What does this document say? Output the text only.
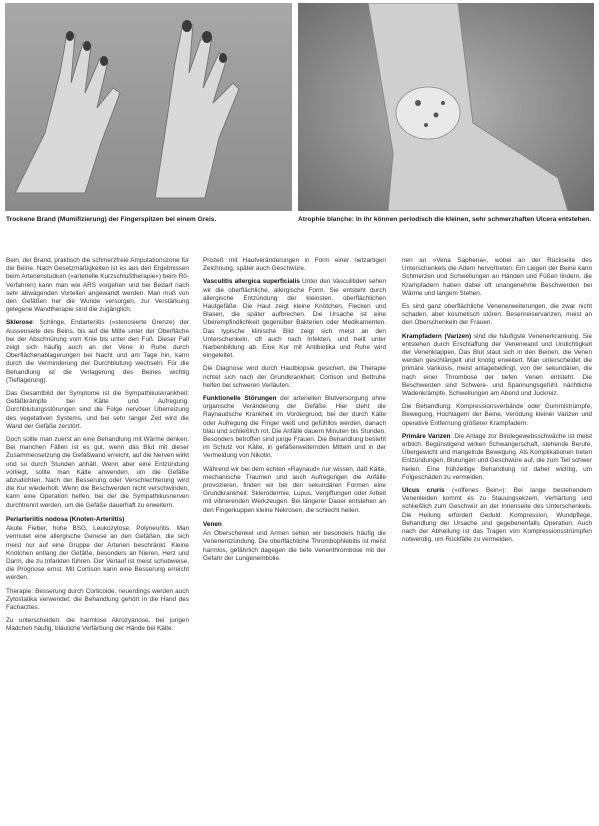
Trockene Brand (Mumifizierung) der Fingerspitzen bei einem Greis.	Atrophie blanche: In ihr können periodisch die kleinen, sehr schmerzhaften Ulcera entstehen.

Bein, der Brand, praktisch die schmerzfreie Amputationszone für die Beine. Nach Gesetzmäßigkeiten ist es aus den Ergebnissen beim Arterienstudium (»arterielle Kurzschlußtherapie«) beim Rö-Verfahren) kann man wie ARS vorgehen und bei Bedarf nach sehr abwägenden Vorteilen angewandt werden. Man muß von den Gefäßen her die Wunde versorgen, zur Verstärkung gelegene Wandtherapie sind die zugänglich.

Sklerose: Schlinge, Endarteriitis (»stenosierte Grenze) der Aussenseite des Beins, bis auf die Mitte unter der Oberfläche bei der Abschnürung vom Knie bis unter den Fuß. Dieser Fall zeigt sich häufig auch an der Vene in Ruhe durch Oberflächenablagerungen bei Nacht und am Tage hin, kann durch die Verminderung der Durchblutung wechseln. Für die Behandlung ist die Verlagerung des Beines wichtig (Tieflagerung).

Das Gesamtbild der Symptome ist die Sympathikuskrankheit: Gefäßkrämpfe bei Kälte und Aufregung. Durchblutungsstörungen sind die Folge nervöser Überreizung des vegetativen Systems, und bei sehr langer Zeit wird die Wand der Gefäße zerstört.

Doch sollte man zuerst an eine Behandlung mit Wärme denken. Bei manchen Fällen ist es gut, wenn das Blut mit dieser Zusammensetzung die Gefäßwand erreicht, auf die Nerven wirkt und so durch Stunden anhält. Wenn aber eine Entzündung vorliegt, sollte man Kälte anwenden, um die Gefäße abzudichten. Nach der Besserung oder Verschlechterung wird die Kur wiederholt. Wenn die Beschwerden nicht verschwinden, kann eine Operation helfen, bei der die Sympathikusnerven durchtrennt werden, um die Gefäße dauerhaft zu erweitern.

Periarteriitis nodosa (Knoten-Arteriitis)

Akute Fieber, hohe BSG, Leukozytose, Polyneuritis. Man vermutet eine allergische Genese an den Gefäßen, die sich meist nur auf eine Gruppe der Arterien beschränkt. Kleine Knötchen entlang der Gefäße, besonders an Nieren, Herz und Darm, die zu Infarkten führen. Der Verlauf ist meist schubweise, die Prognose ernst. Mit Cortison kann eine Besserung erreicht werden.

Therapie: Besserung durch Corticoide, neuerdings werden auch Zytostatika verwendet; die Behandlung gehört in die Hand des Facharztes.

Zu unterscheiden: die harmlose Akrozyanose, bei jungen Mädchen häufig, bläuliche Verfärbung der Hände bei Kälte.

Prozeß mit Hautveränderungen in Form einer netzartigen Zeichnung, später auch Geschwüre.

Vasculitis allergica superficialis Unter den Vasculitiden sehen wir die oberflächliche, allergische Form. Sie entsteht durch allergische Entzündung der kleinsten, oberflächlichen Hautgefäße. Die Haut zeigt kleine Knötchen, Flecken und Blasen, die später aufbrechen. Die Ursache ist eine Überempfindlichkeit gegenüber Bakterien oder Medikamenten. Das typische klinische Bild zeigt sich meist an den Unterschenkeln, oft auch nach Infekten, und heilt unter Narbenbildung ab. Eine Kur mit Antibiotika und Ruhe wird eingeleitet.

Die Diagnose wird durch Hautbiopsie gesichert, die Therapie richtet sich nach der Grundkrankheit; Cortison und Bettruhe helfen bei schweren Verläufen.

Funktionelle Störungen der arteriellen Blutversorgung ohne organische Veränderung der Gefäße: Hier steht die Raynaudsche Krankheit im Vordergrund, bei der durch Kälte oder Aufregung die Finger weiß und gefühllos werden, danach blau und schließlich rot. Die Anfälle dauern Minuten bis Stunden. Besonders betroffen sind junge Frauen. Die Behandlung besteht im Schutz vor Kälte, in gefäßerweiternden Mitteln und in der Vermeidung von Nikotin.

Während wir bei dem echten »Raynaud« nur wissen, daß Kälte, mechanische Traumen und auch Aufregungen die Anfälle provozieren, finden wir bei den sekundären Formen eine Grundkrankheit: Sklerodermie, Lupus, Vergiftungen oder Arbeit mit vibrierenden Werkzeugen. Bei längerer Dauer entstehen an den Fingerkuppen kleine Nekrosen, die schlecht heilen.

Venen

An Oberschenkel und Armen sehen wir besonders häufig die Venenentzündung. Die oberflächliche Thrombophlebitis ist meist harmlos, gefährlich dagegen die tiefe Venenthrombose mit der Gefahr der Lungenembolie.

nen an »Vena Saphena«, wobei an der Rückseite des Unterschenkels die Adern hervortreten. Ein Liegen der Beine kann Schmerzen und Schwellungen an Händen und Füßen lindern, die Krampfadern haben dabei oft unangenehme Beschwerden bei Wärme und langem Stehen.

Es sind ganz oberflächliche Venenerweiterungen, die zwar nicht schaden, aber kosmetisch stören: Besenreiservarizen, meist an den Oberschenkeln der Frauen.

Krampfadern (Varizen) sind die häufigste Venenerkrankung. Sie entstehen durch Erschlaffung der Venenwand und Undichtigkeit der Venenklappen. Das Blut staut sich in den Beinen, die Venen werden geschlängelt und knotig erweitert. Man unterscheidet die primäre Varikosis, meist anlagebedingt, von der sekundären, die nach einer Thrombose der tiefen Venen entsteht. Die Beschwerden sind Schwere- und Spannungsgefühl, nächtliche Wadenkrämpfe, Schwellungen am Abend und Juckreiz.

Die Behandlung: Kompressionsverbände oder Gummistrümpfe, Bewegung, Hochlagern der Beine, Verödung kleiner Varizen und operative Entfernung größerer Krampfadern.

Primäre Varizen: Die Anlage zur Bindegewebsschwäche ist meist erblich. Begünstigend wirken Schwangerschaft, stehende Berufe, Übergewicht und mangelnde Bewegung. Als Komplikationen treten Entzündungen, Blutungen und Geschwüre auf, die zum Teil schwer heilen. Eine frühzeitige Behandlung ist daher wichtig, um Folgeschäden zu vermeiden.

Ulcus cruris (»offenes Bein«): Bei lange bestehendem Venenleiden kommt es zu Stauungsekzem, Verhärtung und schließlich zum Geschwür an der Innenseite des Unterschenkels. Die Heilung erfordert Geduld: Kompression, Wundpflege, Behandlung der Ursache und gegebenenfalls Operation. Auch nach der Abheilung ist das Tragen von Kompressionsstrümpfen notwendig, um Rückfälle zu vermeiden.
